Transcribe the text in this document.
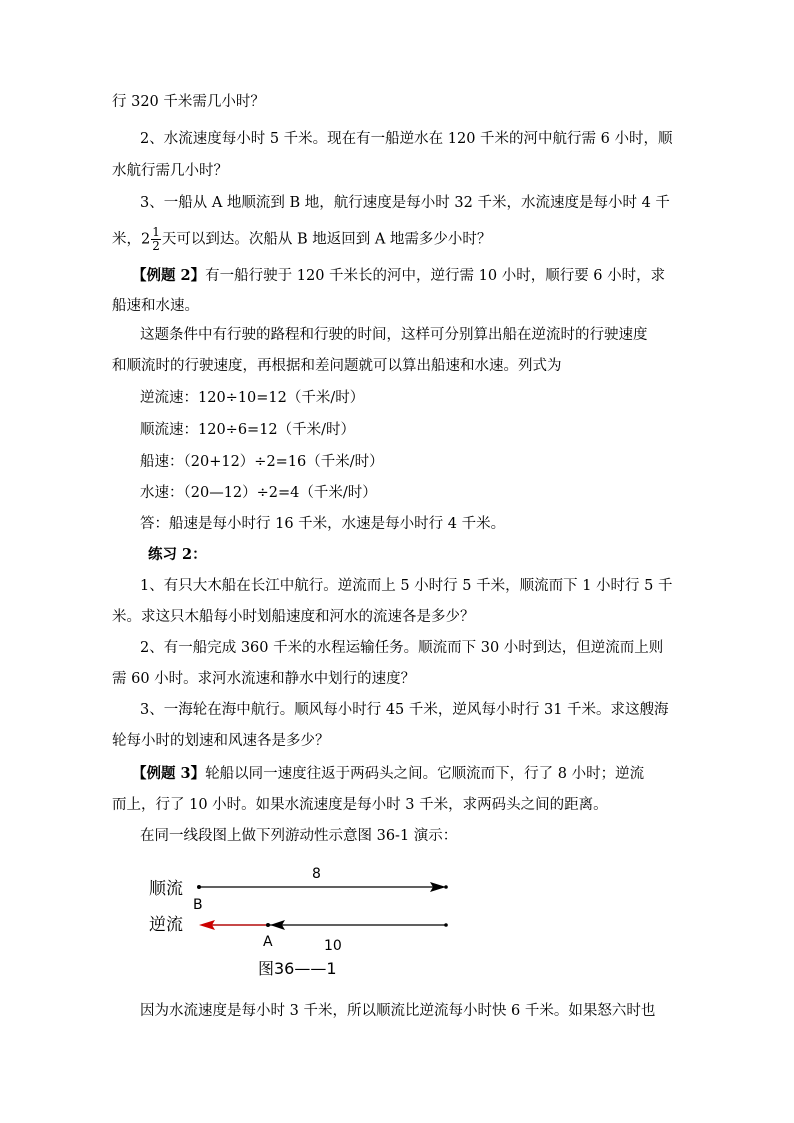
行 320 千米需几小时？
2、水流速度每小时 5 千米。现在有一船逆水在 120 千米的河中航行需 6 小时，顺
水航行需几小时？
3、一船从 A 地顺流到 B 地，航行速度是每小时 32 千米，水流速度是每小时 4 千
米，$2 \frac{1}{2}$ 天可以到达。次船从 B 地返回到 A 地需多少小时？
【例题 2】有一船行驶于 120 千米长的河中，逆行需 10 小时，顺行要 6 小时，求
船速和水速。
这题条件中有行驶的路程和行驶的时间，这样可分别算出船在逆流时的行驶速度
和顺流时的行驶速度，再根据和差问题就可以算出船速和水速。列式为
逆流速：120÷10=12（千米/时）
顺流速：120÷6=12（千米/时）
船速：（20+12）÷2=16（千米/时）
水速：（20—12）÷2=4（千米/时）
答：船速是每小时行 16 千米，水速是每小时行 4 千米。
练习 2：
1、有只大木船在长江中航行。逆流而上 5 小时行 5 千米，顺流而下 1 小时行 5 千
米。求这只木船每小时划船速度和河水的流速各是多少？
2、有一船完成 360 千米的水程运输任务。顺流而下 30 小时到达，但逆流而上则
需 60 小时。求河水流速和静水中划行的速度？
3、一海轮在海中航行。顺风每小时行 45 千米，逆风每小时行 31 千米。求这艘海
轮每小时的划速和风速各是多少？
【例题 3】轮船以同一速度往返于两码头之间。它顺流而下，行了 8 小时；逆流
而上，行了 10 小时。如果水流速度是每小时 3 千米，求两码头之间的距离。
在同一线段图上做下列游动性示意图 36-1 演示：
顺流
8
B
逆流
A	10
图36——1
因为水流速度是每小时 3 千米，所以顺流比逆流每小时快 6 千米。如果怒六时也
